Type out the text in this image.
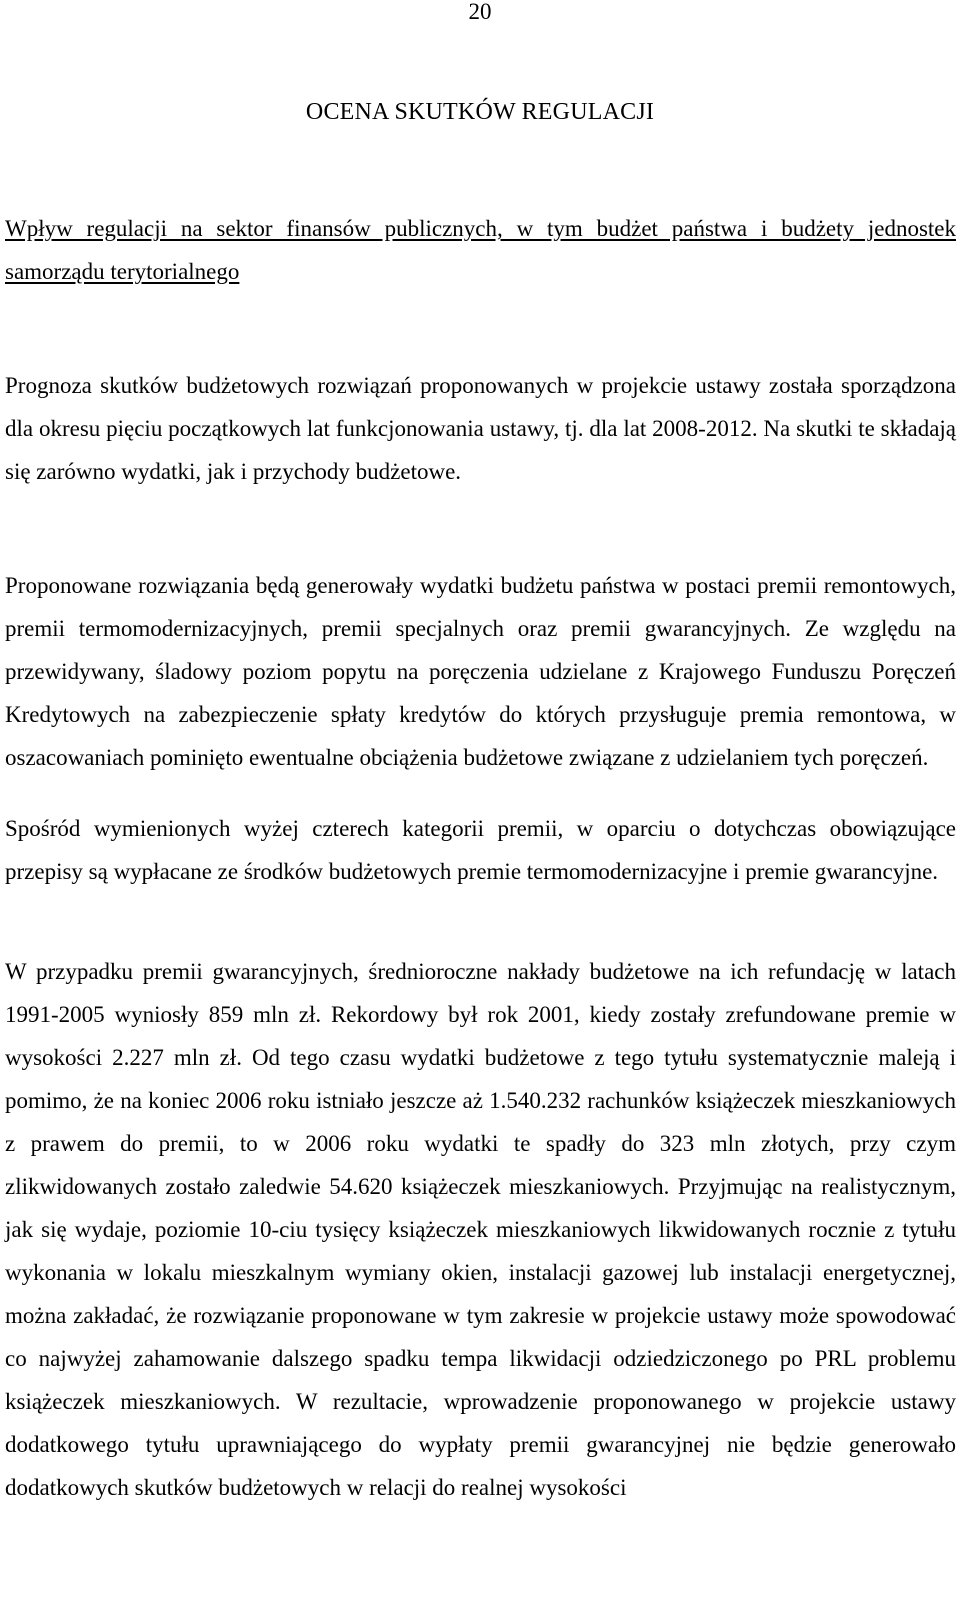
20
OCENA SKUTKÓW REGULACJI
Wpływ regulacji na sektor finansów publicznych, w tym budżet państwa i budżety jednostek samorządu terytorialnego
Prognoza skutków budżetowych rozwiązań proponowanych w projekcie ustawy została sporządzona dla okresu pięciu początkowych lat funkcjonowania ustawy, tj. dla lat 2008-2012. Na skutki te składają się zarówno wydatki, jak i przychody budżetowe.
Proponowane rozwiązania będą generowały wydatki budżetu państwa w postaci premii remontowych, premii termomodernizacyjnych, premii specjalnych oraz premii gwarancyjnych. Ze względu na przewidywany, śladowy poziom popytu na poręczenia udzielane z Krajowego Funduszu Poręczeń Kredytowych na zabezpieczenie spłaty kredytów do których przysługuje premia remontowa, w oszacowaniach pominięto ewentualne obciążenia budżetowe związane z udzielaniem tych poręczeń.
Spośród wymienionych wyżej czterech kategorii premii, w oparciu o dotychczas obowiązujące przepisy są wypłacane ze środków budżetowych premie termomodernizacyjne i premie gwarancyjne.
W przypadku premii gwarancyjnych, średnioroczne nakłady budżetowe na ich refundację w latach 1991-2005 wyniosły 859 mln zł. Rekordowy był rok 2001, kiedy zostały zrefundowane premie w wysokości 2.227 mln zł. Od tego czasu wydatki budżetowe z tego tytułu systematycznie maleją i pomimo, że na koniec 2006 roku istniało jeszcze aż 1.540.232 rachunków książeczek mieszkaniowych z prawem do premii, to w 2006 roku wydatki te spadły do 323 mln złotych, przy czym zlikwidowanych zostało zaledwie 54.620 książeczek mieszkaniowych. Przyjmując na realistycznym, jak się wydaje, poziomie 10-ciu tysięcy książeczek mieszkaniowych likwidowanych rocznie z tytułu wykonania w lokalu mieszkalnym wymiany okien, instalacji gazowej lub instalacji energetycznej, można zakładać, że rozwiązanie proponowane w tym zakresie w projekcie ustawy może spowodować co najwyżej zahamowanie dalszego spadku tempa likwidacji odziedziczonego po PRL problemu książeczek mieszkaniowych. W rezultacie, wprowadzenie proponowanego w projekcie ustawy dodatkowego tytułu uprawniającego do wypłaty premii gwarancyjnej nie będzie generowało dodatkowych skutków budżetowych w relacji do realnej wysokości
